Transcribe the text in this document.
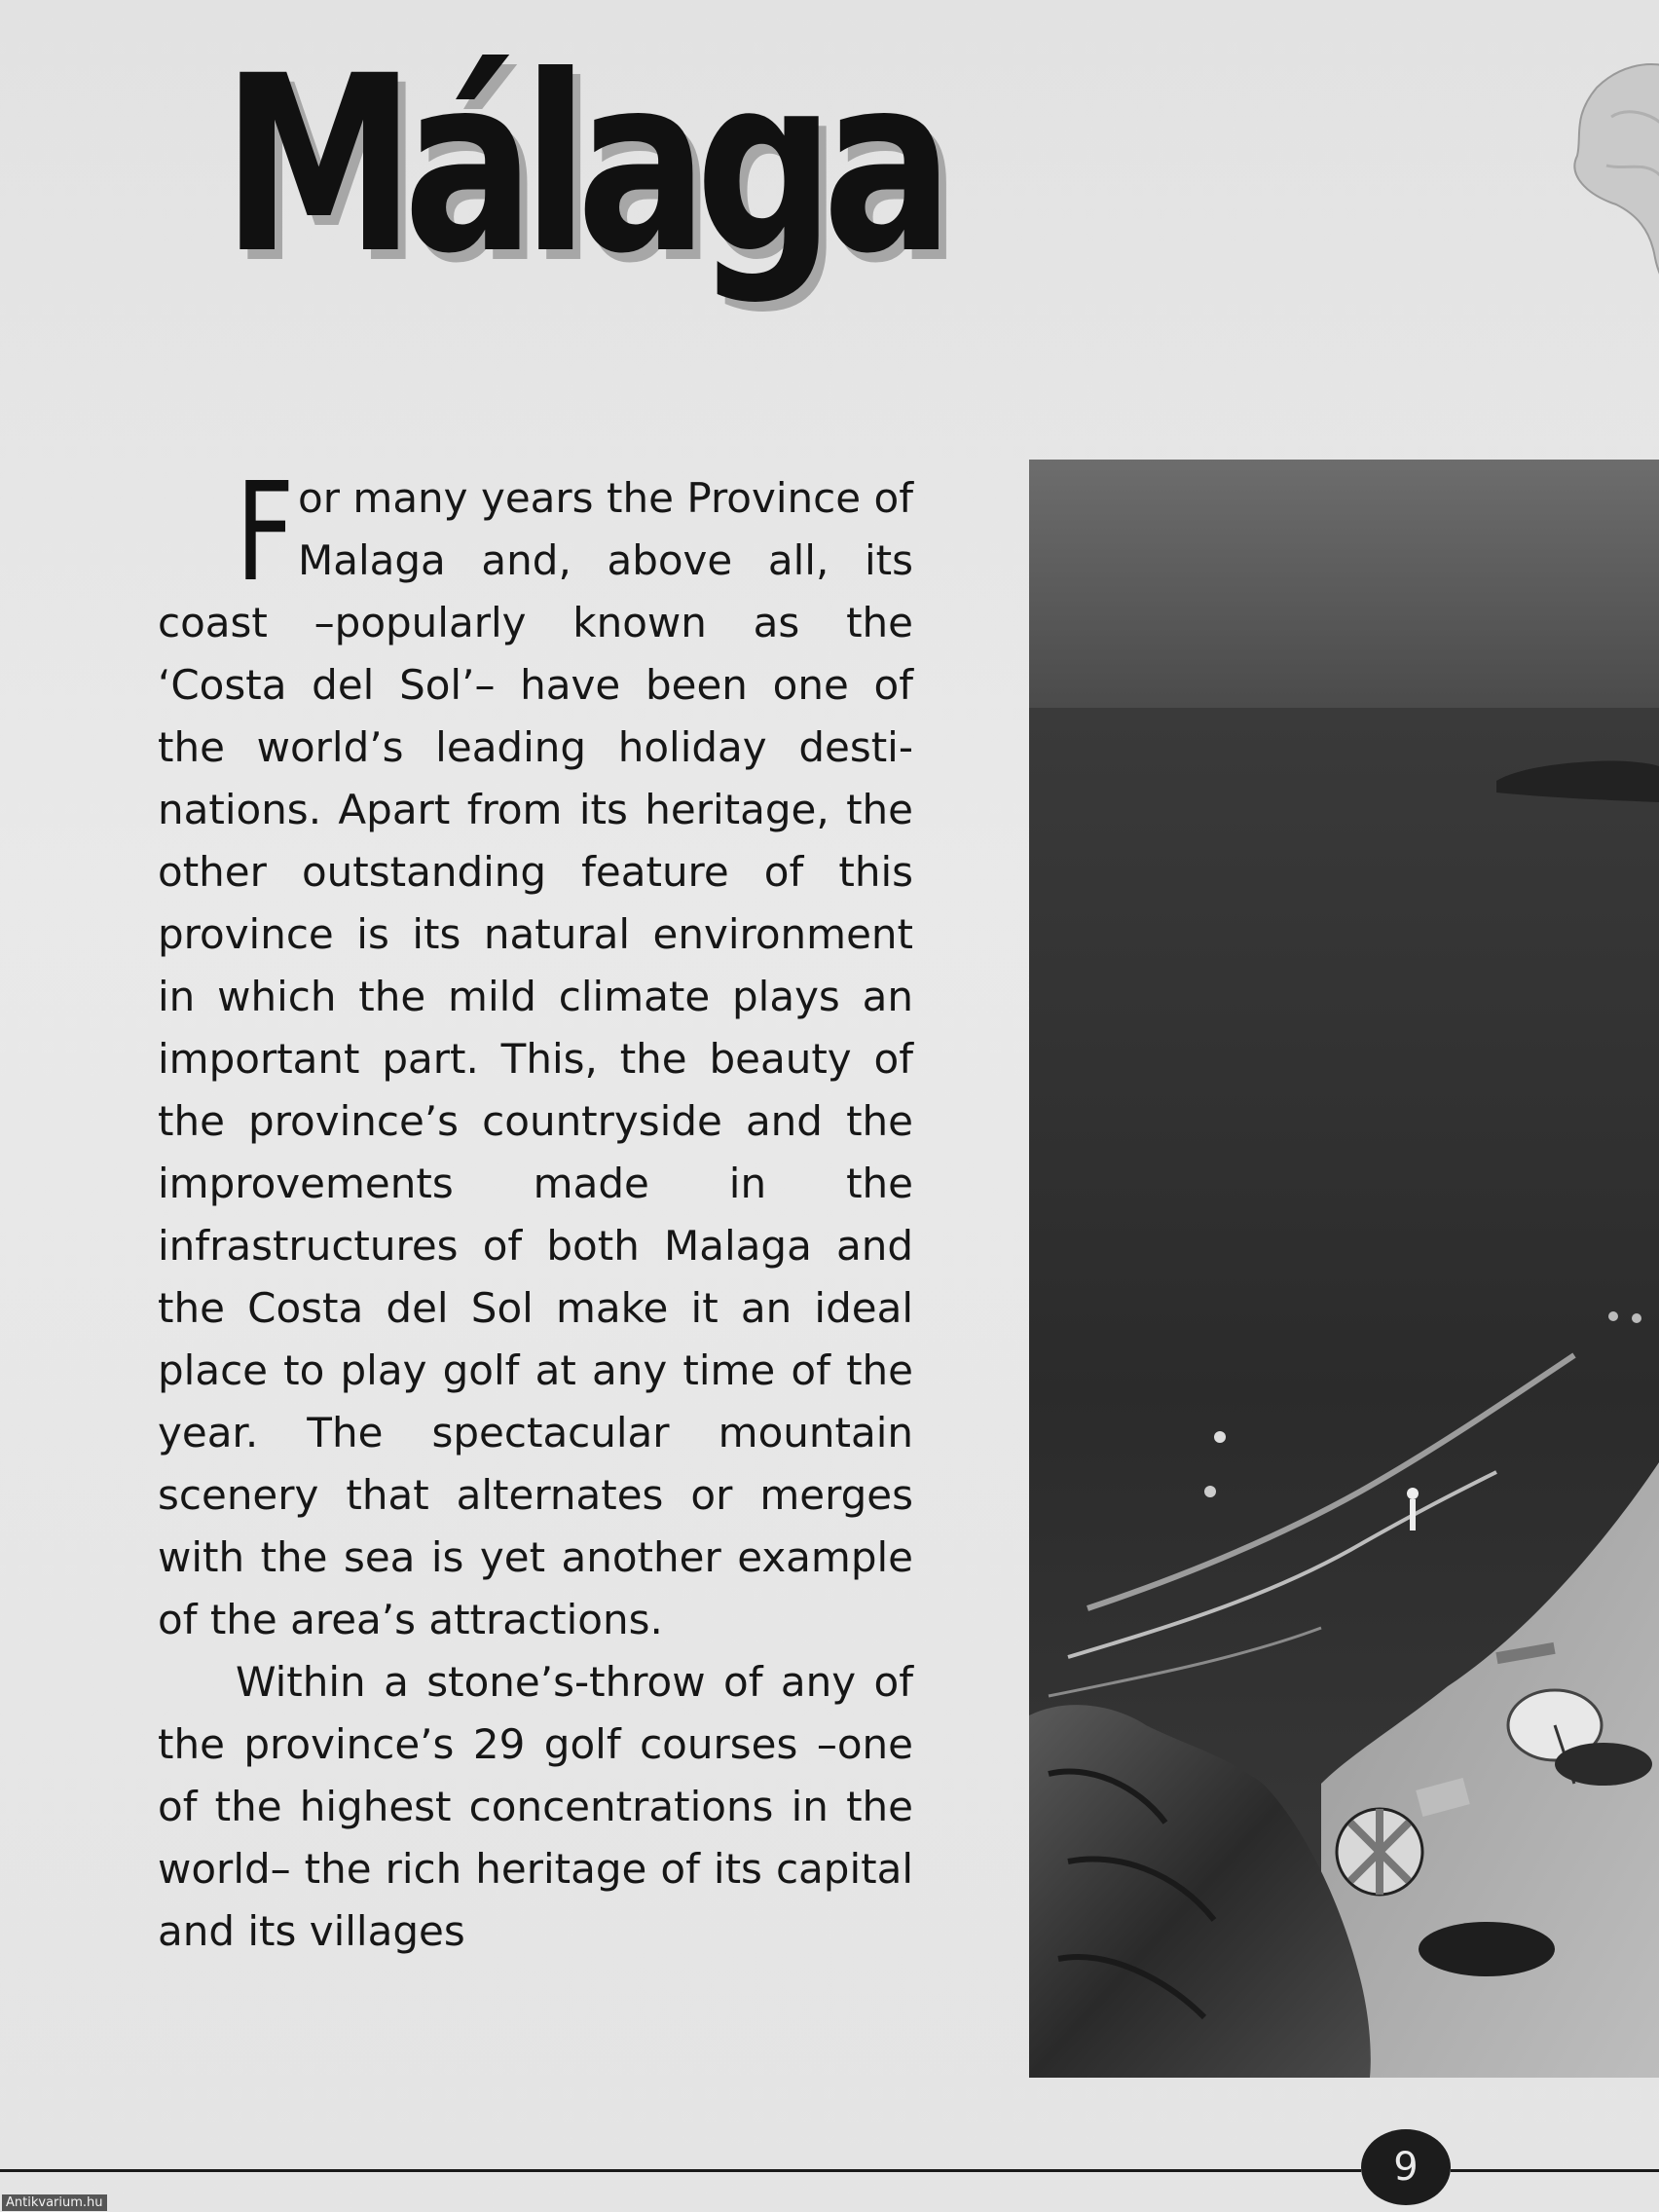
Málaga

For many years the Province of Malaga and, above all, its coast –popularly known as the ‘Costa del Sol’– have been one of the world’s leading holiday destinations. Apart from its heritage, the other outstanding feature of this province is its natural environment in which the mild climate plays an important part. This, the beauty of the province’s countryside and the improvements made in the infrastructures of both Malaga and the Costa del Sol make it an ideal place to play golf at any time of the year. The spectacular mountain scenery that alternates or merges with the sea is yet another example of the area’s attractions.

Within a stone’s-throw of any of the province’s 29 golf courses –one of the highest concentrations in the world– the rich heritage of its capital and its villages

9
Antikvarium.hu
